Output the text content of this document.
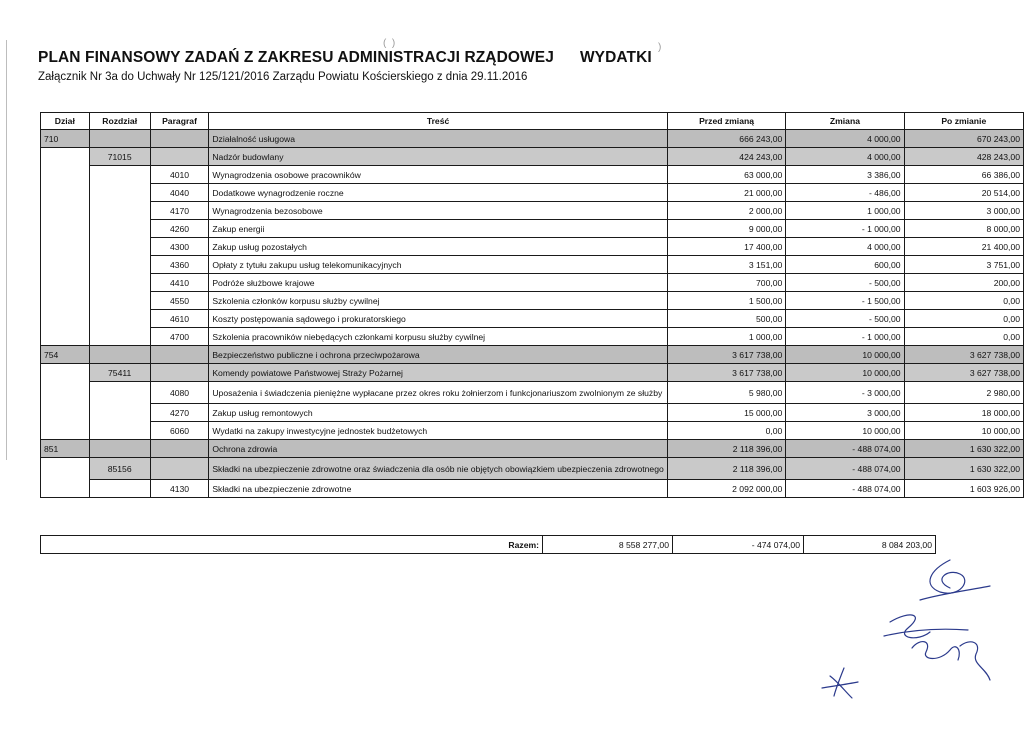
(  )	)
PLAN FINANSOWY ZADAŃ Z ZAKRESU ADMINISTRACJI RZĄDOWEJ WYDATKI
Załącznik Nr 3a do Uchwały Nr 125/121/2016 Zarządu Powiatu Kościerskiego z dnia 29.11.2016
Dział	Rozdział	Paragraf	Treść	Przed zmianą	Zmiana	Po zmianie
710			Działalność usługowa	666 243,00	4 000,00	670 243,00
	71015		Nadzór budowlany	424 243,00	4 000,00	428 243,00
		4010	Wynagrodzenia osobowe pracowników	63 000,00	3 386,00	66 386,00
		4040	Dodatkowe wynagrodzenie roczne	21 000,00	- 486,00	20 514,00
		4170	Wynagrodzenia bezosobowe	2 000,00	1 000,00	3 000,00
		4260	Zakup energii	9 000,00	- 1 000,00	8 000,00
		4300	Zakup usług pozostałych	17 400,00	4 000,00	21 400,00
		4360	Opłaty z tytułu zakupu usług telekomunikacyjnych	3 151,00	600,00	3 751,00
		4410	Podróże służbowe krajowe	700,00	- 500,00	200,00
		4550	Szkolenia członków korpusu służby cywilnej	1 500,00	- 1 500,00	0,00
		4610	Koszty postępowania sądowego i prokuratorskiego	500,00	- 500,00	0,00
		4700	Szkolenia pracowników niebędących członkami korpusu służby cywilnej	1 000,00	- 1 000,00	0,00
754			Bezpieczeństwo publiczne i ochrona przeciwpożarowa	3 617 738,00	10 000,00	3 627 738,00
	75411		Komendy powiatowe Państwowej Straży Pożarnej	3 617 738,00	10 000,00	3 627 738,00
		4080	Uposażenia i świadczenia pieniężne wypłacane przez okres roku żołnierzom i funkcjonariuszom zwolnionym ze służby	5 980,00	- 3 000,00	2 980,00
		4270	Zakup usług remontowych	15 000,00	3 000,00	18 000,00
		6060	Wydatki na zakupy inwestycyjne jednostek budżetowych	0,00	10 000,00	10 000,00
851			Ochrona zdrowia	2 118 396,00	- 488 074,00	1 630 322,00
	85156		Składki na ubezpieczenie zdrowotne oraz świadczenia dla osób nie objętych obowiązkiem ubezpieczenia zdrowotnego	2 118 396,00	- 488 074,00	1 630 322,00
		4130	Składki na ubezpieczenie zdrowotne	2 092 000,00	- 488 074,00	1 603 926,00
Razem:	8 558 277,00	- 474 074,00	8 084 203,00
